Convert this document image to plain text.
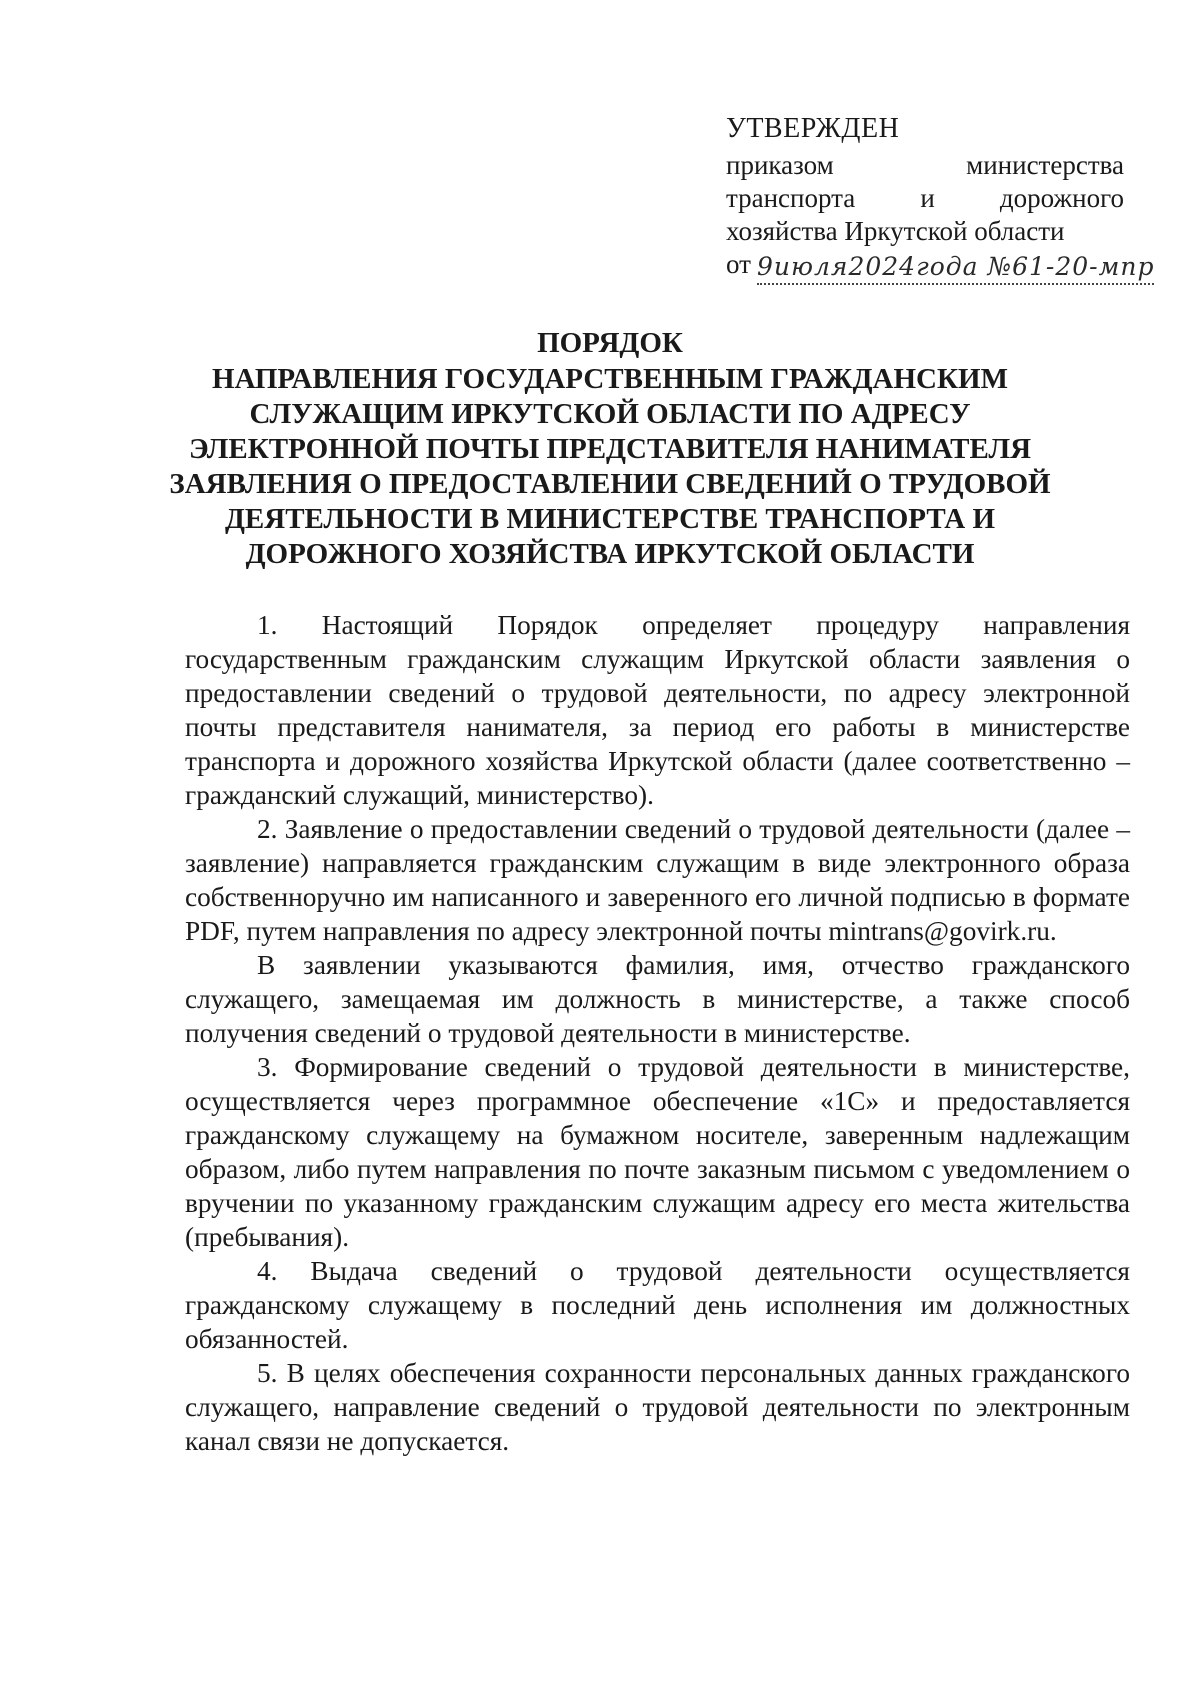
УТВЕРЖДЕН
приказом министерства
транспорта и дорожного
хозяйства Иркутской области
от 9июля2024года №61-20-мпр
ПОРЯДОК
НАПРАВЛЕНИЯ ГОСУДАРСТВЕННЫМ ГРАЖДАНСКИМ СЛУЖАЩИМ ИРКУТСКОЙ ОБЛАСТИ ПО АДРЕСУ ЭЛЕКТРОННОЙ ПОЧТЫ ПРЕДСТАВИТЕЛЯ НАНИМАТЕЛЯ ЗАЯВЛЕНИЯ О ПРЕДОСТАВЛЕНИИ СВЕДЕНИЙ О ТРУДОВОЙ ДЕЯТЕЛЬНОСТИ В МИНИСТЕРСТВЕ ТРАНСПОРТА И ДОРОЖНОГО ХОЗЯЙСТВА ИРКУТСКОЙ ОБЛАСТИ

1. Настоящий Порядок определяет процедуру направления государственным гражданским служащим Иркутской области заявления о предоставлении сведений о трудовой деятельности, по адресу электронной почты представителя нанимателя, за период его работы в министерстве транспорта и дорожного хозяйства Иркутской области (далее соответственно – гражданский служащий, министерство).

2. Заявление о предоставлении сведений о трудовой деятельности (далее – заявление) направляется гражданским служащим в виде электронного образа собственноручно им написанного и заверенного его личной подписью в формате PDF, путем направления по адресу электронной почты mintrans@govirk.ru.

В заявлении указываются фамилия, имя, отчество гражданского служащего, замещаемая им должность в министерстве, а также способ получения сведений о трудовой деятельности в министерстве.

3. Формирование сведений о трудовой деятельности в министерстве, осуществляется через программное обеспечение «1С» и предоставляется гражданскому служащему на бумажном носителе, заверенным надлежащим образом, либо путем направления по почте заказным письмом с уведомлением о вручении по указанному гражданским служащим адресу его места жительства (пребывания).

4. Выдача сведений о трудовой деятельности осуществляется гражданскому служащему в последний день исполнения им должностных обязанностей.

5. В целях обеспечения сохранности персональных данных гражданского служащего, направление сведений о трудовой деятельности по электронным канал связи не допускается.
